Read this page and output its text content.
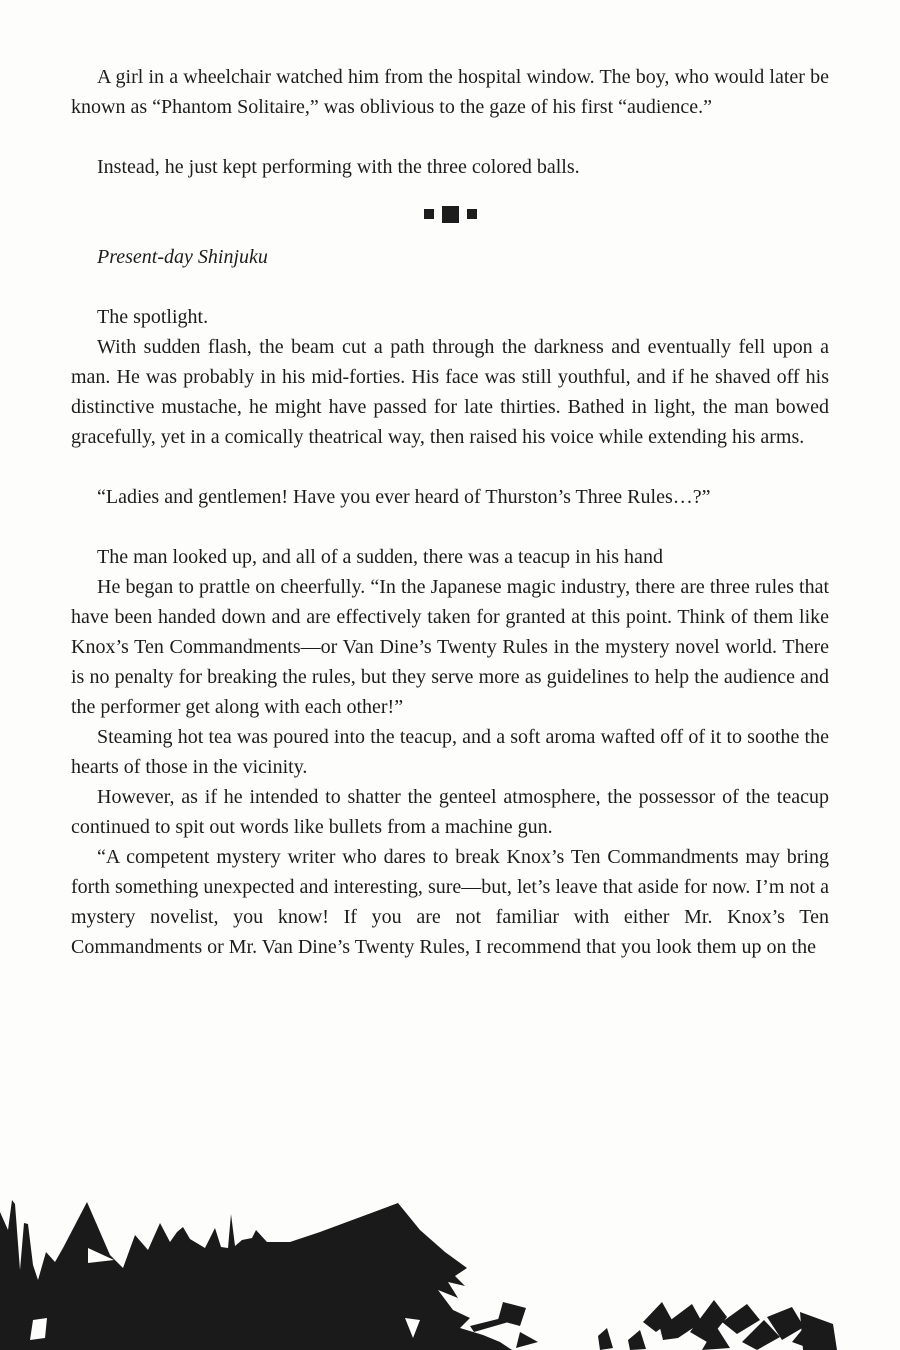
A girl in a wheelchair watched him from the hospital window. The boy, who would later be known as “Phantom Solitaire,” was oblivious to the gaze of his first “audience.”

Instead, he just kept performing with the three colored balls.

Present-day Shinjuku

The spotlight.

With sudden flash, the beam cut a path through the darkness and eventually fell upon a man. He was probably in his mid-forties. His face was still youthful, and if he shaved off his distinctive mustache, he might have passed for late thirties. Bathed in light, the man bowed gracefully, yet in a comically theatrical way, then raised his voice while extending his arms.

“Ladies and gentlemen! Have you ever heard of Thurston’s Three Rules…?”

The man looked up, and all of a sudden, there was a teacup in his hand

He began to prattle on cheerfully. “In the Japanese magic industry, there are three rules that have been handed down and are effectively taken for granted at this point. Think of them like Knox’s Ten Commandments—or Van Dine’s Twenty Rules in the mystery novel world. There is no penalty for breaking the rules, but they serve more as guidelines to help the audience and the performer get along with each other!”

Steaming hot tea was poured into the teacup, and a soft aroma wafted off of it to soothe the hearts of those in the vicinity.

However, as if he intended to shatter the genteel atmosphere, the possessor of the teacup continued to spit out words like bullets from a machine gun.

“A competent mystery writer who dares to break Knox’s Ten Commandments may bring forth something unexpected and interesting, sure—but, let’s leave that aside for now. I’m not a mystery novelist, you know! If you are not familiar with either Mr. Knox’s Ten Commandments or Mr. Van Dine’s Twenty Rules, I recommend that you look them up on the
